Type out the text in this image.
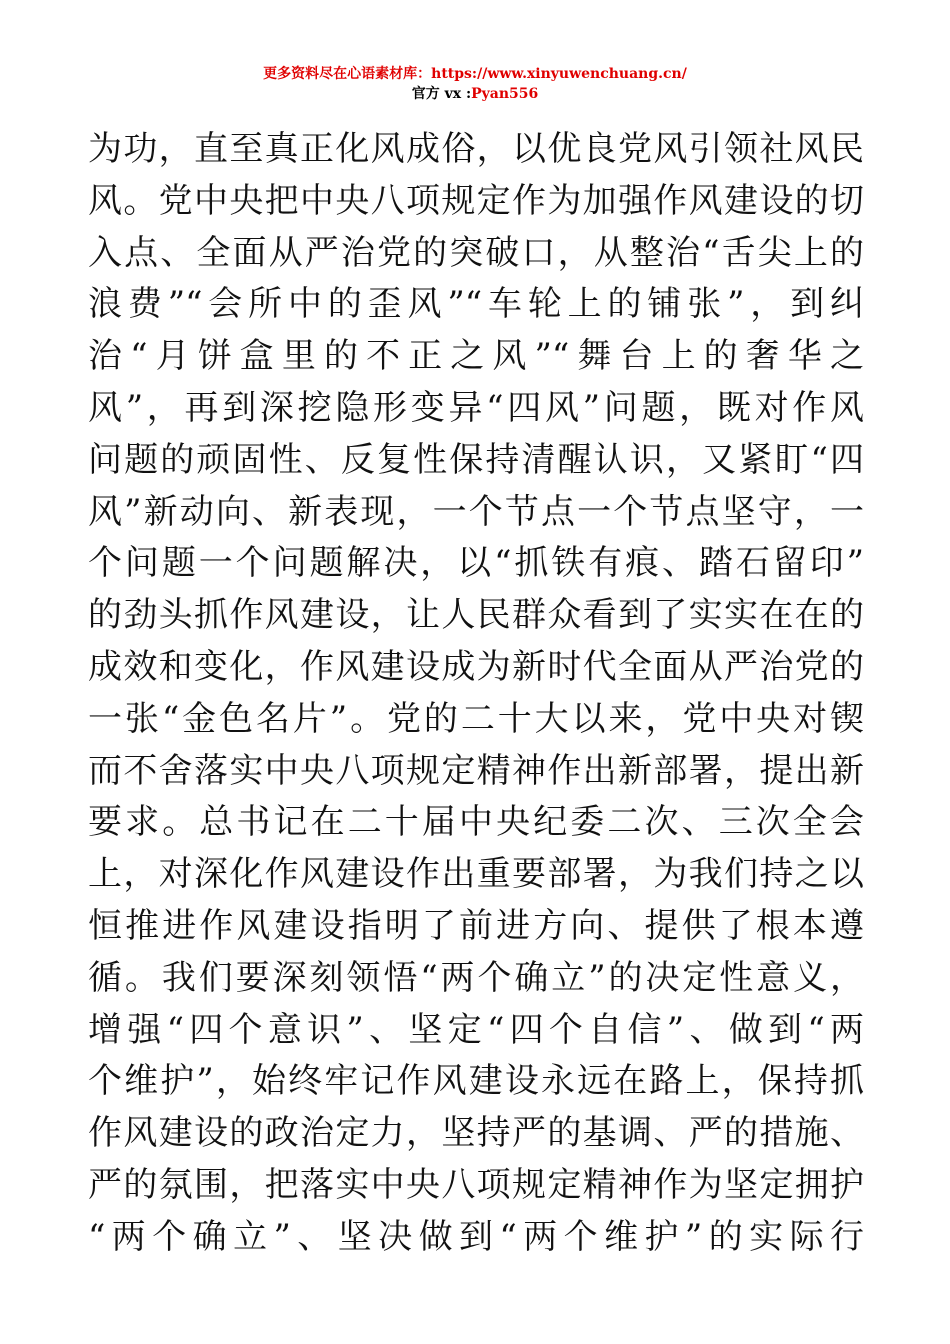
更多资料尽在心语素材库：https://www.xinyuwenchuang.cn/
官方 vx :Pyan556
为功，直至真正化风成俗，以优良党风引领社风民
风。党中央把中央八项规定作为加强作风建设的切
入点、全面从严治党的突破口，从整治“舌尖上的
浪费”“会所中的歪风”“车轮上的铺张”，到纠
治“月饼盒里的不正之风”“舞台上的奢华之
风”，再到深挖隐形变异“四风”问题，既对作风
问题的顽固性、反复性保持清醒认识，又紧盯“四
风”新动向、新表现，一个节点一个节点坚守，一
个问题一个问题解决，以“抓铁有痕、踏石留印”
的劲头抓作风建设，让人民群众看到了实实在在的
成效和变化，作风建设成为新时代全面从严治党的
一张“金色名片”。党的二十大以来，党中央对锲
而不舍落实中央八项规定精神作出新部署，提出新
要求。总书记在二十届中央纪委二次、三次全会
上，对深化作风建设作出重要部署，为我们持之以
恒推进作风建设指明了前进方向、提供了根本遵
循。我们要深刻领悟“两个确立”的决定性意义，
增强“四个意识”、坚定“四个自信”、做到“两
个维护”，始终牢记作风建设永远在路上，保持抓
作风建设的政治定力，坚持严的基调、严的措施、
严的氛围，把落实中央八项规定精神作为坚定拥护
“两个确立”、坚决做到“两个维护”的实际行
